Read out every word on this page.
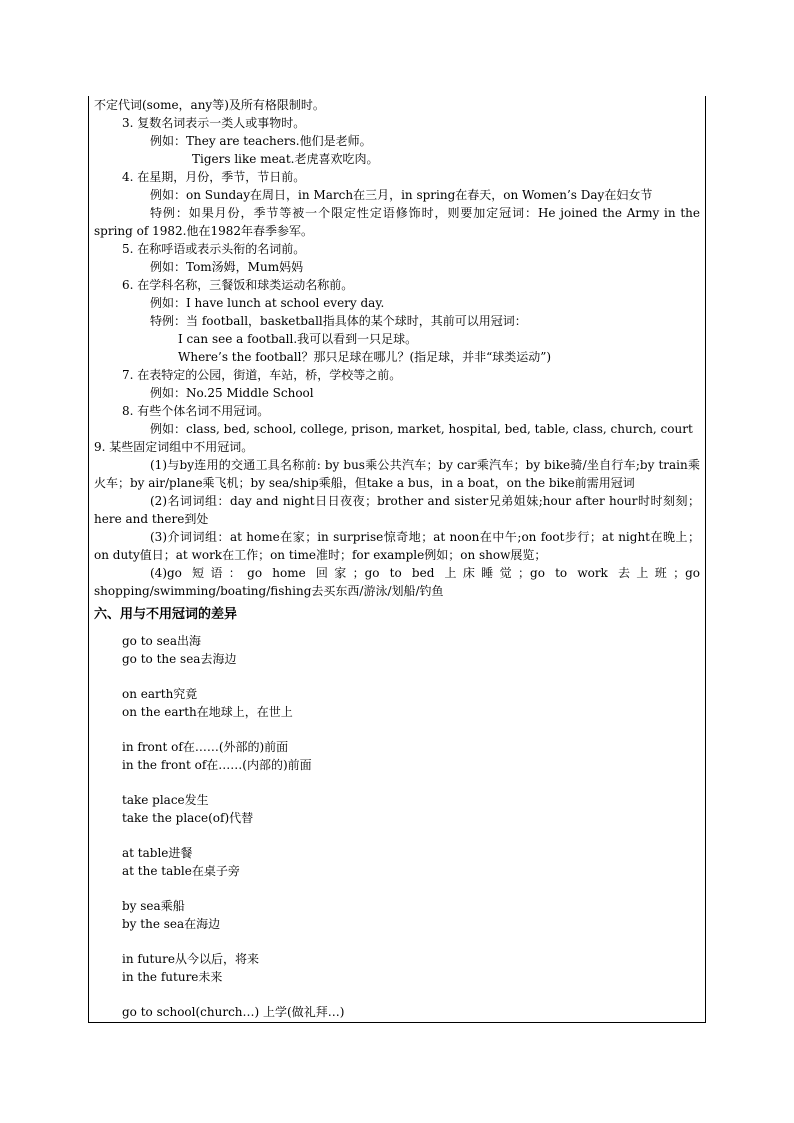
不定代词(some，any等)及所有格限制时。

3. 复数名词表示一类人或事物时。

例如：They are teachers.他们是老师。

Tigers like meat.老虎喜欢吃肉。

4. 在星期，月份，季节，节日前。

例如：on Sunday在周日，in March在三月，in spring在春天，on Women’s Day在妇女节

特例：如果月份，季节等被一个限定性定语修饰时，则要加定冠词：He joined the Army in the spring of 1982.他在1982年春季参军。

5. 在称呼语或表示头衔的名词前。

例如：Tom汤姆，Mum妈妈

6. 在学科名称，三餐饭和球类运动名称前。

例如：I have lunch at school every day.

特例：当 football，basketball指具体的某个球时，其前可以用冠词：

I can see a football.我可以看到一只足球。

Where’s the football？那只足球在哪儿？(指足球，并非“球类运动”)

7. 在表特定的公园，街道，车站，桥，学校等之前。

例如：No.25 Middle School

8. 有些个体名词不用冠词。

例如：class, bed, school, college, prison, market, hospital, bed, table, class, church, court

9. 某些固定词组中不用冠词。

(1)与by连用的交通工具名称前: by bus乘公共汽车；by car乘汽车；by bike骑/坐自行车;by train乘火车；by air/plane乘飞机；by sea/ship乘船，但take a bus，in a boat，on the bike前需用冠词

(2)名词词组：day and night日日夜夜；brother and sister兄弟姐妹;hour after hour时时刻刻；here and there到处

(3)介词词组：at home在家；in surprise惊奇地；at noon在中午;on foot步行；at night在晚上；on duty值日；at work在工作；on time准时；for example例如；on show展览；

(4)go 短语：go home 回家；go to bed 上床睡觉；go to work 去上班；go shopping/swimming/boating/fishing去买东西/游泳/划船/钓鱼

六、用与不用冠词的差异
go to sea出海
go to the sea去海边
on earth究竟
on the earth在地球上，在世上
in front of在……(外部的)前面
in the front of在……(内部的)前面
take place发生
take the place(of)代替
at table进餐
at the table在桌子旁
by sea乘船
by the sea在海边
in future从今以后，将来
in the future未来
go to school(church…) 上学(做礼拜…)
